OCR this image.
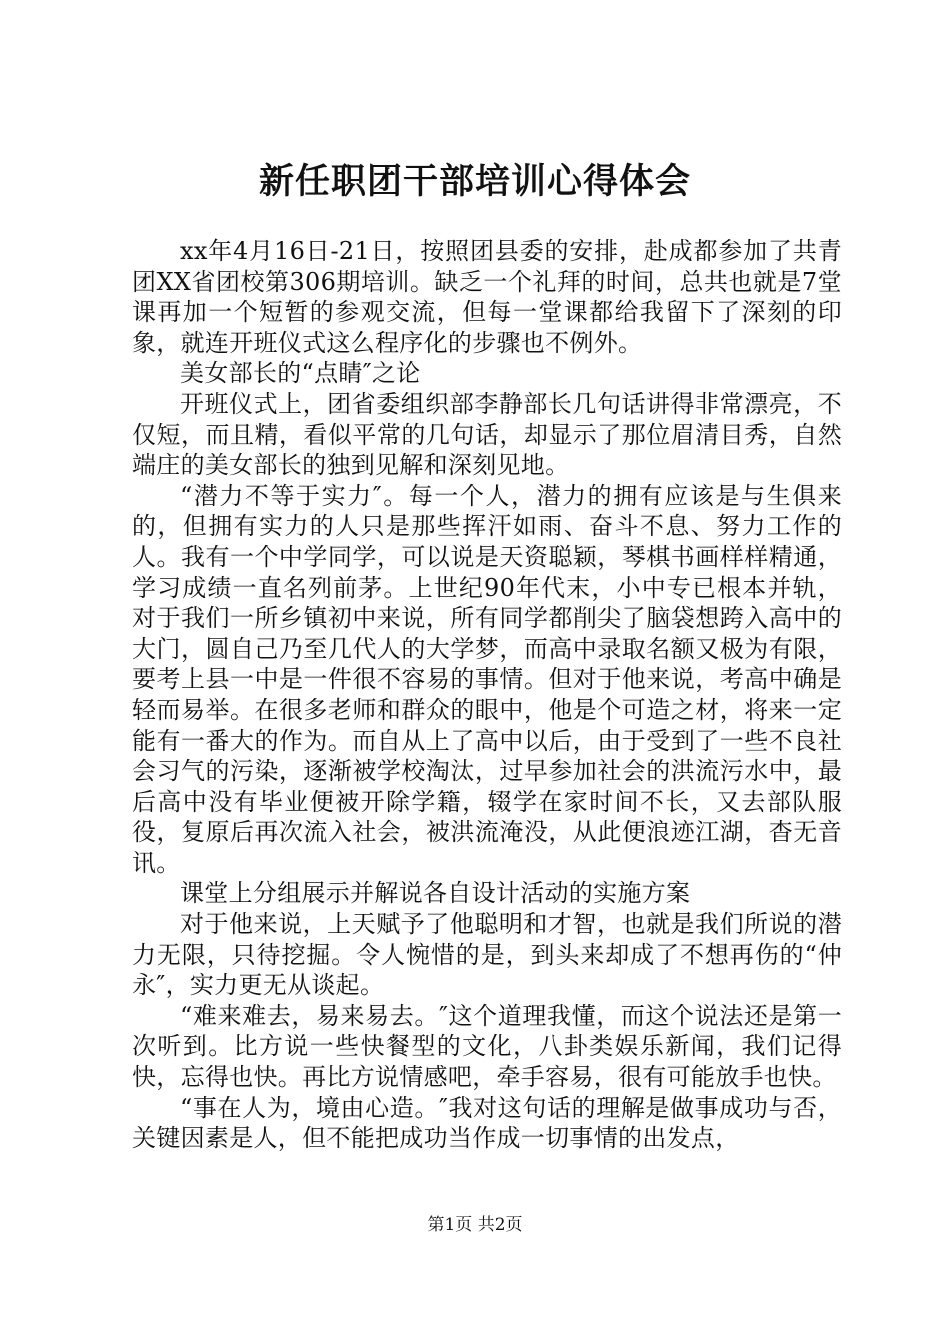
新任职团干部培训心得体会

xx年4月16日-21日，按照团县委的安排，赴成都参加了共青团XX省团校第306期培训。缺乏一个礼拜的时间，总共也就是7堂课再加一个短暂的参观交流，但每一堂课都给我留下了深刻的印象，就连开班仪式这么程序化的步骤也不例外。

美女部长的“点睛″之论

开班仪式上，团省委组织部李静部长几句话讲得非常漂亮，不仅短，而且精，看似平常的几句话，却显示了那位眉清目秀，自然端庄的美女部长的独到见解和深刻见地。

“潜力不等于实力″。每一个人，潜力的拥有应该是与生俱来的，但拥有实力的人只是那些挥汗如雨、奋斗不息、努力工作的人。我有一个中学同学，可以说是天资聪颖，琴棋书画样样精通，学习成绩一直名列前茅。上世纪90年代末，小中专已根本并轨，对于我们一所乡镇初中来说，所有同学都削尖了脑袋想跨入高中的大门，圆自己乃至几代人的大学梦，而高中录取名额又极为有限，要考上县一中是一件很不容易的事情。但对于他来说，考高中确是轻而易举。在很多老师和群众的眼中，他是个可造之材，将来一定能有一番大的作为。而自从上了高中以后，由于受到了一些不良社会习气的污染，逐渐被学校淘汰，过早参加社会的洪流污水中，最后高中没有毕业便被开除学籍，辍学在家时间不长，又去部队服役，复原后再次流入社会，被洪流淹没，从此便浪迹江湖，杳无音讯。

课堂上分组展示并解说各自设计活动的实施方案

对于他来说，上天赋予了他聪明和才智，也就是我们所说的潜力无限，只待挖掘。令人惋惜的是，到头来却成了不想再伤的“仲永″，实力更无从谈起。

“难来难去，易来易去。″这个道理我懂，而这个说法还是第一次听到。比方说一些快餐型的文化，八卦类娱乐新闻，我们记得快，忘得也快。再比方说情感吧，牵手容易，很有可能放手也快。

“事在人为，境由心造。″我对这句话的理解是做事成功与否，关键因素是人，但不能把成功当作成一切事情的出发点，

第1页 共2页
